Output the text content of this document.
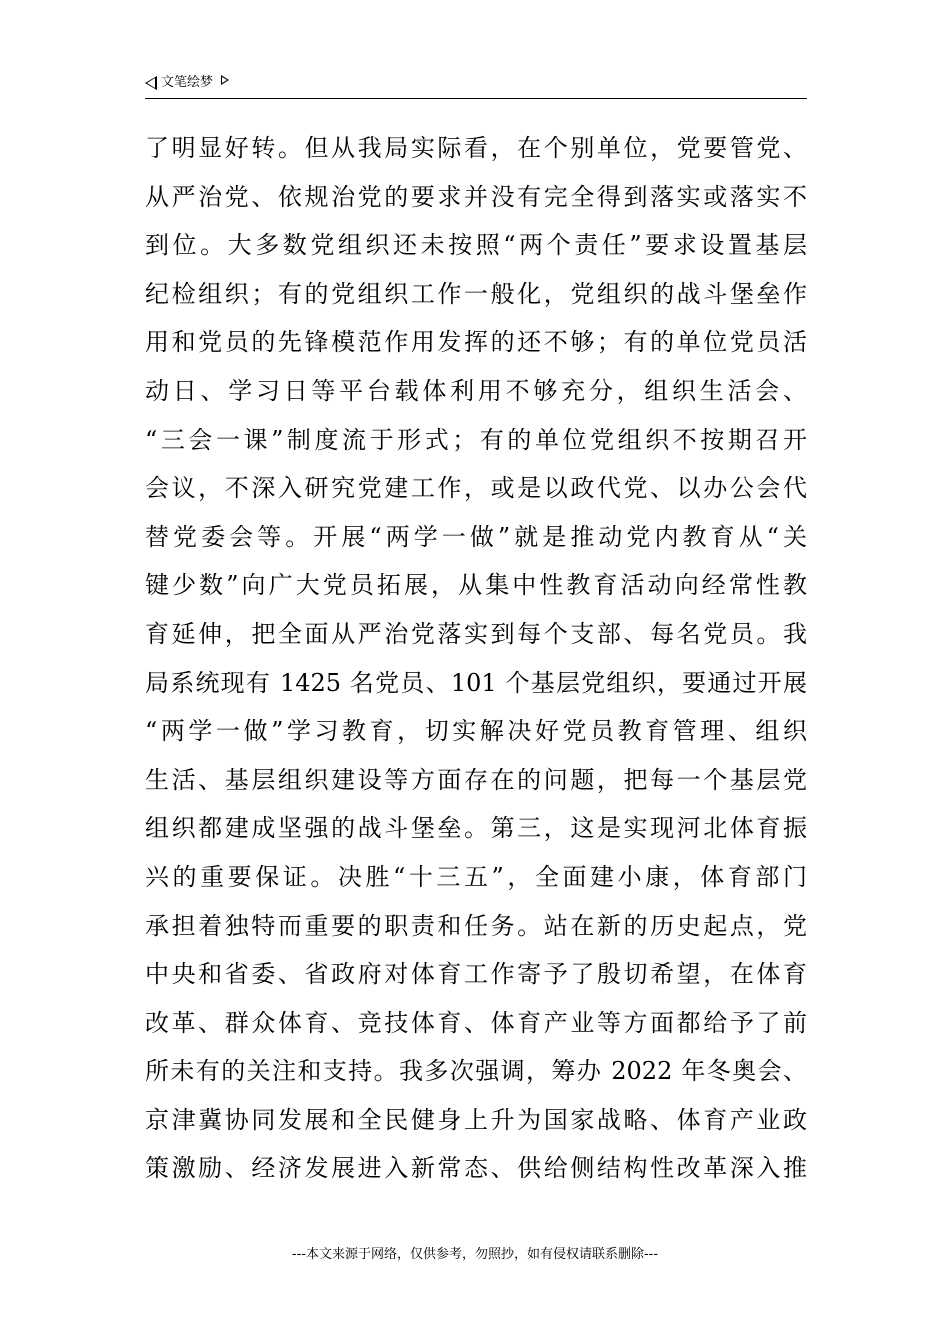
文笔绘梦
了明显好转。但从我局实际看，在个别单位，党要管党、
从严治党、依规治党的要求并没有完全得到落实或落实不
到位。大多数党组织还未按照“两个责任”要求设置基层
纪检组织；有的党组织工作一般化，党组织的战斗堡垒作
用和党员的先锋模范作用发挥的还不够；有的单位党员活
动日、学习日等平台载体利用不够充分，组织生活会、
“三会一课”制度流于形式；有的单位党组织不按期召开
会议，不深入研究党建工作，或是以政代党、以办公会代
替党委会等。开展“两学一做”就是推动党内教育从“关
键少数”向广大党员拓展，从集中性教育活动向经常性教
育延伸，把全面从严治党落实到每个支部、每名党员。我
局系统现有 1425 名党员、101 个基层党组织，要通过开展
“两学一做”学习教育，切实解决好党员教育管理、组织
生活、基层组织建设等方面存在的问题，把每一个基层党
组织都建成坚强的战斗堡垒。第三，这是实现河北体育振
兴的重要保证。决胜“十三五”，全面建小康，体育部门
承担着独特而重要的职责和任务。站在新的历史起点，党
中央和省委、省政府对体育工作寄予了殷切希望，在体育
改革、群众体育、竞技体育、体育产业等方面都给予了前
所未有的关注和支持。我多次强调，筹办 2022 年冬奥会、
京津冀协同发展和全民健身上升为国家战略、体育产业政
策激励、经济发展进入新常态、供给侧结构性改革深入推
---本文来源于网络，仅供参考，勿照抄，如有侵权请联系删除---
